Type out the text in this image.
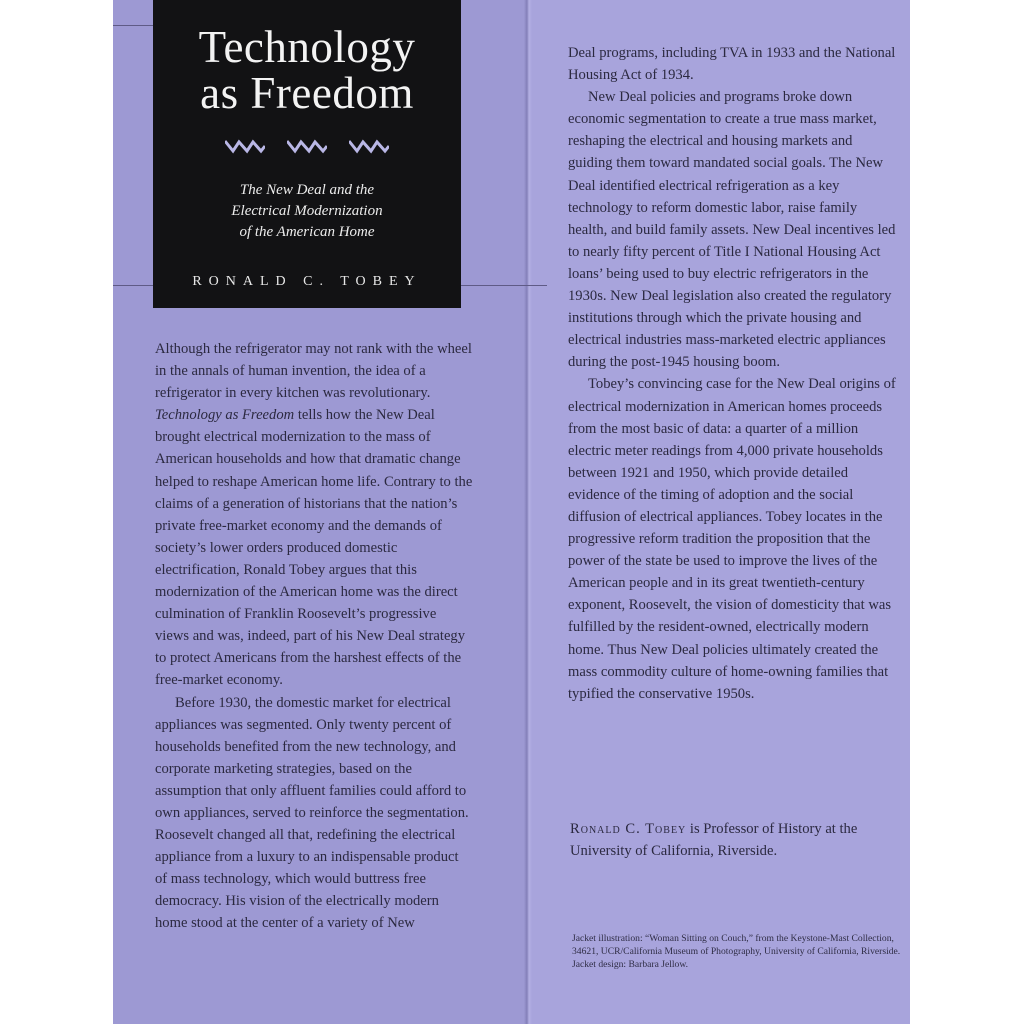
Technology
as Freedom
The New Deal and the
Electrical Modernization
of the American Home
RONALD C. TOBEY

Although the refrigerator may not rank with the wheel in the annals of human invention, the idea of a refrigerator in every kitchen was revolutionary. Technology as Freedom tells how the New Deal brought electrical modernization to the mass of American households and how that dramatic change helped to reshape American home life. Contrary to the claims of a generation of historians that the nation’s private free-market economy and the demands of society’s lower orders produced domestic electrification, Ronald Tobey argues that this modernization of the American home was the direct culmination of Franklin Roosevelt’s progressive views and was, indeed, part of his New Deal strategy to protect Americans from the harshest effects of the free-market economy.

Before 1930, the domestic market for electrical appliances was segmented. Only twenty percent of households benefited from the new technology, and corporate marketing strategies, based on the assumption that only affluent families could afford to own appliances, served to reinforce the segmentation. Roosevelt changed all that, redefining the electrical appliance from a luxury to an indispensable product of mass technology, which would buttress free democracy. His vision of the electrically modern home stood at the center of a variety of New

Deal programs, including TVA in 1933 and the National Housing Act of 1934.

New Deal policies and programs broke down economic segmentation to create a true mass market, reshaping the electrical and housing markets and guiding them toward mandated social goals. The New Deal identified electrical refrigeration as a key technology to reform domestic labor, raise family health, and build family assets. New Deal incentives led to nearly fifty percent of Title I National Housing Act loans’ being used to buy electric refrigerators in the 1930s. New Deal legislation also created the regulatory institutions through which the private housing and electrical industries mass-marketed electric appliances during the post-1945 housing boom.

Tobey’s convincing case for the New Deal origins of electrical modernization in American homes proceeds from the most basic of data: a quarter of a million electric meter readings from 4,000 private households between 1921 and 1950, which provide detailed evidence of the timing of adoption and the social diffusion of electrical appliances. Tobey locates in the progressive reform tradition the proposition that the power of the state be used to improve the lives of the American people and in its great twentieth-century exponent, Roosevelt, the vision of domesticity that was fulfilled by the resident-owned, electrically modern home. Thus New Deal policies ultimately created the mass commodity culture of home-owning families that typified the conservative 1950s.

Ronald C. Tobey is Professor of History at the University of California, Riverside.
Jacket illustration: “Woman Sitting on Couch,” from the Keystone-Mast Collection, 34621, UCR/California Museum of Photography, University of California, Riverside. Jacket design: Barbara Jellow.
